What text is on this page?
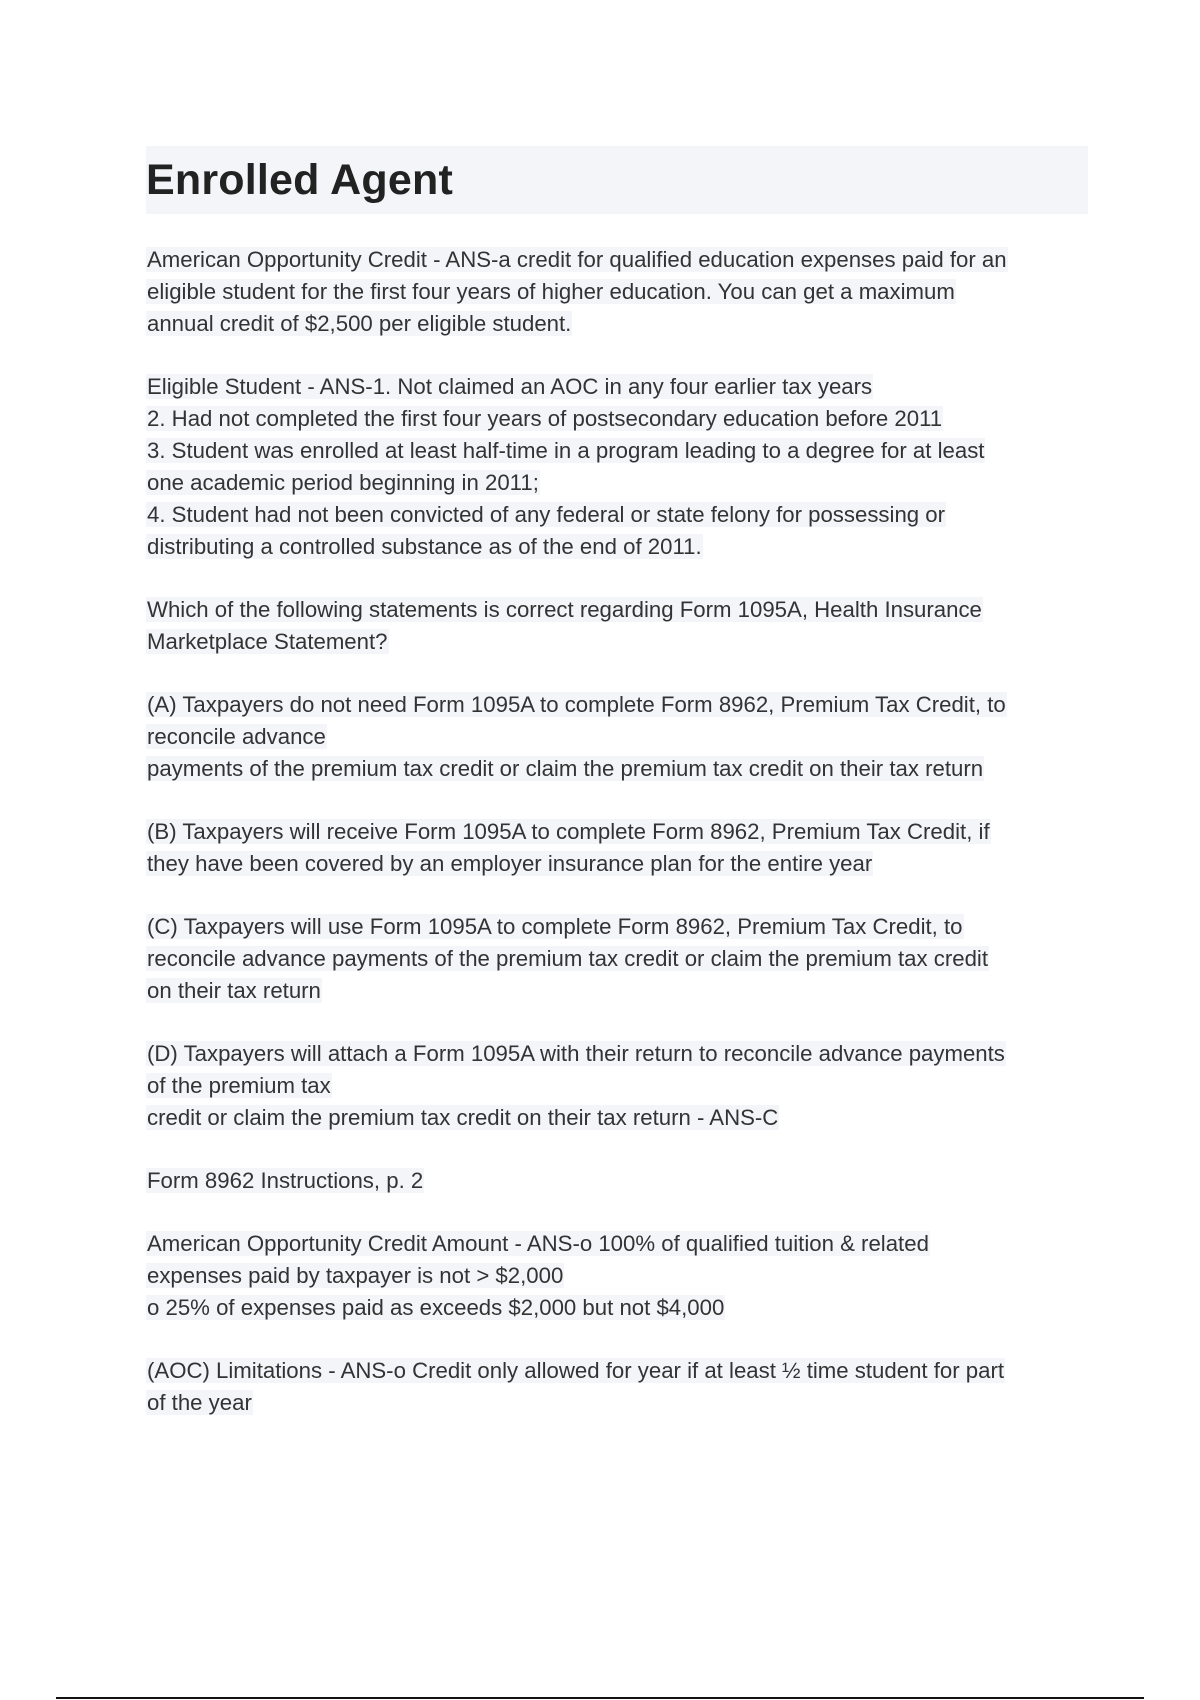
Enrolled Agent

American Opportunity Credit - ANS-a credit for qualified education expenses paid for an
eligible student for the first four years of higher education. You can get a maximum
annual credit of $2,500 per eligible student.

Eligible Student - ANS-1. Not claimed an AOC in any four earlier tax years
2. Had not completed the first four years of postsecondary education before 2011
3. Student was enrolled at least half-time in a program leading to a degree for at least
one academic period beginning in 2011;
4. Student had not been convicted of any federal or state felony for possessing or
distributing a controlled substance as of the end of 2011.

Which of the following statements is correct regarding Form 1095A, Health Insurance
Marketplace Statement?

(A) Taxpayers do not need Form 1095A to complete Form 8962, Premium Tax Credit, to
reconcile advance
payments of the premium tax credit or claim the premium tax credit on their tax return

(B) Taxpayers will receive Form 1095A to complete Form 8962, Premium Tax Credit, if
they have been covered by an employer insurance plan for the entire year

(C) Taxpayers will use Form 1095A to complete Form 8962, Premium Tax Credit, to
reconcile advance payments of the premium tax credit or claim the premium tax credit
on their tax return

(D) Taxpayers will attach a Form 1095A with their return to reconcile advance payments
of the premium tax
credit or claim the premium tax credit on their tax return - ANS-C

Form 8962 Instructions, p. 2

American Opportunity Credit Amount - ANS-o 100% of qualified tuition & related
expenses paid by taxpayer is not > $2,000
o 25% of expenses paid as exceeds $2,000 but not $4,000

(AOC) Limitations - ANS-o Credit only allowed for year if at least ½ time student for part
of the year
